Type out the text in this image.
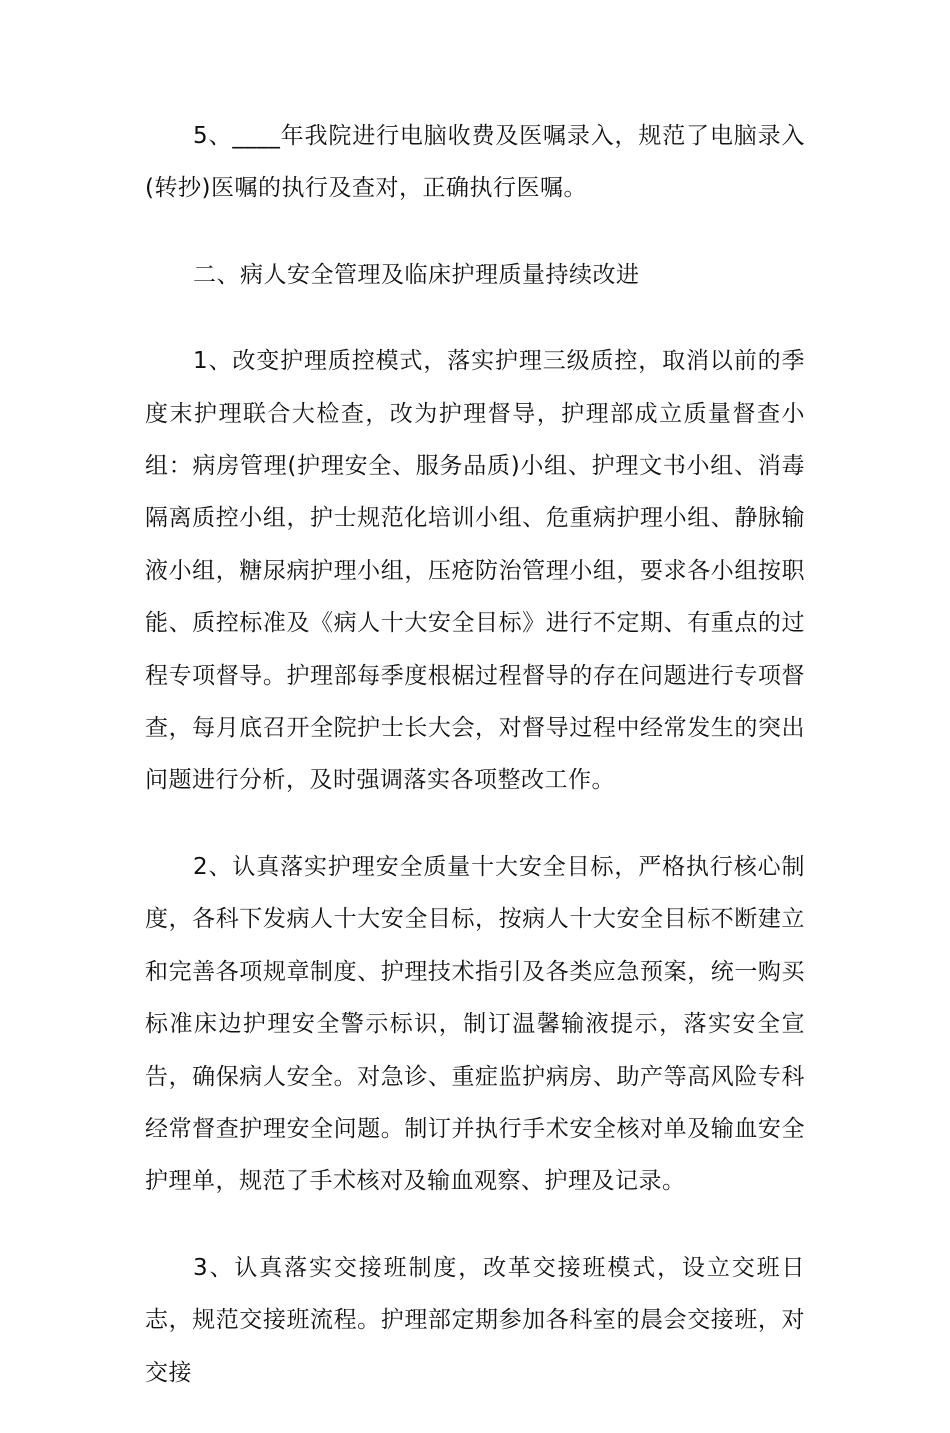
5、____年我院进行电脑收费及医嘱录入，规范了电脑录入(转抄)医嘱的执行及查对，正确执行医嘱。

二、病人安全管理及临床护理质量持续改进

1、改变护理质控模式，落实护理三级质控，取消以前的季度末护理联合大检查，改为护理督导，护理部成立质量督查小组：病房管理(护理安全、服务品质)小组、护理文书小组、消毒隔离质控小组，护士规范化培训小组、危重病护理小组、静脉输液小组，糖尿病护理小组，压疮防治管理小组，要求各小组按职能、质控标准及《病人十大安全目标》进行不定期、有重点的过程专项督导。护理部每季度根椐过程督导的存在问题进行专项督查，每月底召开全院护士长大会，对督导过程中经常发生的突出问题进行分析，及时强调落实各项整改工作。

2、认真落实护理安全质量十大安全目标，严格执行核心制度，各科下发病人十大安全目标，按病人十大安全目标不断建立和完善各项规章制度、护理技术指引及各类应急预案，统一购买标准床边护理安全警示标识，制订温馨输液提示，落实安全宣告，确保病人安全。对急诊、重症监护病房、助产等高风险专科经常督查护理安全问题。制订并执行手术安全核对单及输血安全护理单，规范了手术核对及输血观察、护理及记录。

3、认真落实交接班制度，改革交接班模式，设立交班日志，规范交接班流程。护理部定期参加各科室的晨会交接班，对交接
